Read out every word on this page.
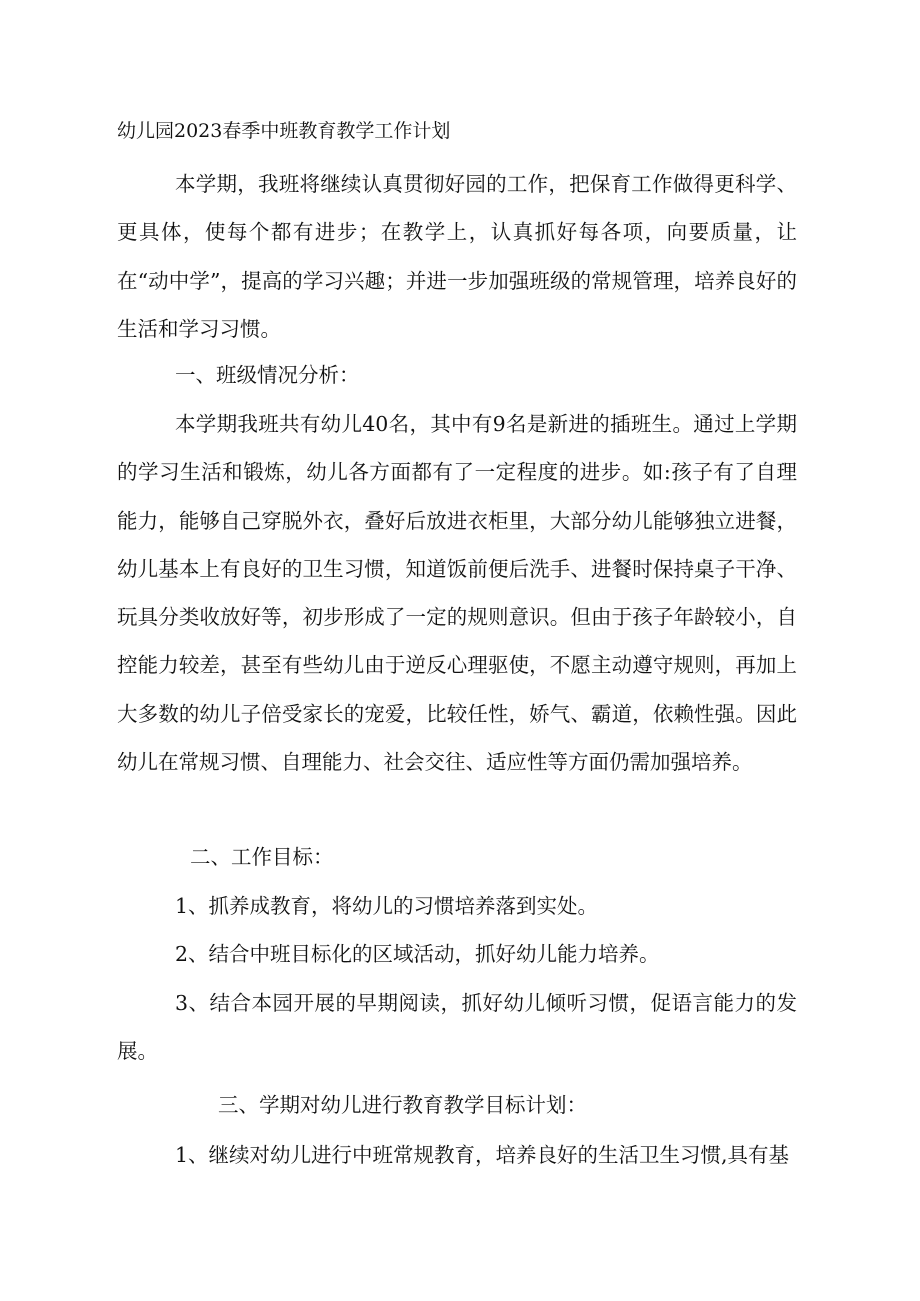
幼儿园2023春季中班教育教学工作计划

本学期，我班将继续认真贯彻好园的工作，把保育工作做得更科学、更具体，使每个都有进步；在教学上，认真抓好每各项，向要质量，让在“动中学”，提高的学习兴趣；并进一步加强班级的常规管理，培养良好的生活和学习习惯。

一、班级情况分析：

本学期我班共有幼儿40名，其中有9名是新进的插班生。通过上学期的学习生活和锻炼，幼儿各方面都有了一定程度的进步。如:孩子有了自理能力，能够自己穿脱外衣，叠好后放进衣柜里，大部分幼儿能够独立进餐，幼儿基本上有良好的卫生习惯，知道饭前便后洗手、进餐时保持桌子干净、玩具分类收放好等，初步形成了一定的规则意识。但由于孩子年龄较小，自控能力较差，甚至有些幼儿由于逆反心理驱使，不愿主动遵守规则，再加上大多数的幼儿子倍受家长的宠爱，比较任性，娇气、霸道，依赖性强。因此幼儿在常规习惯、自理能力、社会交往、适应性等方面仍需加强培养。

二、工作目标：

1、抓养成教育，将幼儿的习惯培养落到实处。

2、结合中班目标化的区域活动，抓好幼儿能力培养。

3、结合本园开展的早期阅读，抓好幼儿倾听习惯，促语言能力的发展。

三、学期对幼儿进行教育教学目标计划：

1、继续对幼儿进行中班常规教育，培养良好的生活卫生习惯,具有基
